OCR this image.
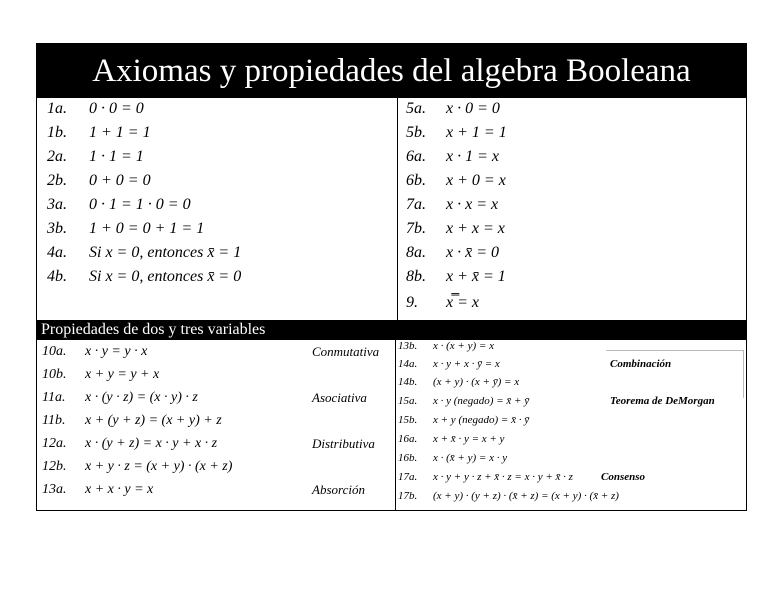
Axiomas y propiedades del algebra Booleana
1a.	0 · 0 = 0
1b.	1 + 1 = 1
2a.	1 · 1 = 1
2b.	0 + 0 = 0
3a.	0 · 1 = 1 · 0 = 0
3b.	1 + 0 = 0 + 1 = 1
4a.	Si x = 0, entonces x̄ = 1
4b.	Si x = 0, entonces x̄ = 0
5a.	x · 0 = 0
5b.	x + 1 = 1
6a.	x · 1 = x
6b.	x + 0 = x
7a.	x · x = x
7b.	x + x = x
8a.	x · x̄ = 0
8b.	x + x̄ = 1
9.	x̿ = x
Propiedades de dos y tres variables
10a. x · y = y · x	Conmutativa
10b. x + y = y + x
11a. x · (y · z) = (x · y) · z	Asociativa
11b. x + (y + z) = (x + y) + z
12a. x · (y + z) = x · y + x · z	Distributiva
12b. x + y · z = (x + y) · (x + z)
13a. x + x · y = x	Absorción
13b. x · (x + y) = x
14a. x · y + x · ȳ = x	Combinación
14b. (x + y) · (x + ȳ) = x
15a. x · y (negado) = x̄ + ȳ	Teorema de DeMorgan
15b. x + y (negado) = x̄ · ȳ
16a. x + x̄ · y = x + y
16b. x · (x̄ + y) = x · y
17a. x · y + y · z + x̄ · z = x · y + x̄ · z	Consenso
17b. (x + y) · (y + z) · (x̄ + z) = (x + y) · (x̄ + z)
